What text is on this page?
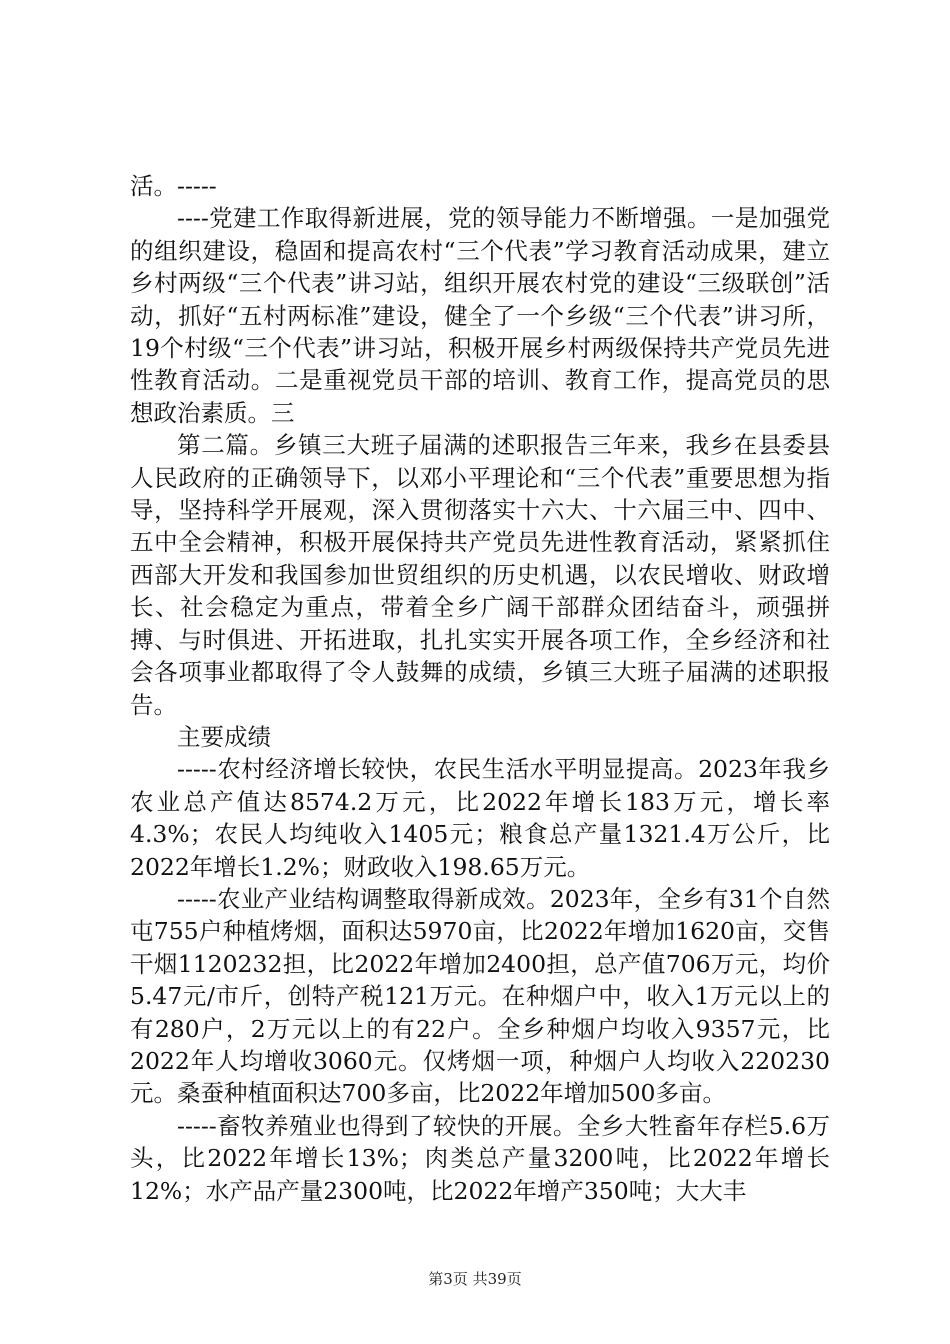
活。-----

----党建工作取得新进展，党的领导能力不断增强。一是加强党的组织建设，稳固和提高农村“三个代表”学习教育活动成果，建立乡村两级“三个代表”讲习站，组织开展农村党的建设“三级联创”活动，抓好“五村两标准”建设，健全了一个乡级“三个代表”讲习所，19个村级“三个代表”讲习站，积极开展乡村两级保持共产党员先进性教育活动。二是重视党员干部的培训、教育工作，提高党员的思想政治素质。三

第二篇。乡镇三大班子届满的述职报告三年来，我乡在县委县人民政府的正确领导下，以邓小平理论和“三个代表”重要思想为指导，坚持科学开展观，深入贯彻落实十六大、十六届三中、四中、五中全会精神，积极开展保持共产党员先进性教育活动，紧紧抓住西部大开发和我国参加世贸组织的历史机遇，以农民增收、财政增长、社会稳定为重点，带着全乡广阔干部群众团结奋斗，顽强拼搏、与时俱进、开拓进取，扎扎实实开展各项工作，全乡经济和社会各项事业都取得了令人鼓舞的成绩，乡镇三大班子届满的述职报告。

主要成绩

-----农村经济增长较快，农民生活水平明显提高。2023年我乡农业总产值达8574.2万元，比2022年增长183万元，增长率4.3%；农民人均纯收入1405元；粮食总产量1321.4万公斤，比2022年增长1.2%；财政收入198.65万元。

-----农业产业结构调整取得新成效。2023年，全乡有31个自然屯755户种植烤烟，面积达5970亩，比2022年增加1620亩，交售干烟1120232担，比2022年增加2400担，总产值706万元，均价5.47元/市斤，创特产税121万元。在种烟户中，收入1万元以上的有280户，2万元以上的有22户。全乡种烟户均收入9357元，比2022年人均增收3060元。仅烤烟一项，种烟户人均收入220230元。桑蚕种植面积达700多亩，比2022年增加500多亩。

-----畜牧养殖业也得到了较快的开展。全乡大牲畜年存栏5.6万头，比2022年增长13%；肉类总产量3200吨，比2022年增长12%；水产品产量2300吨，比2022年增产350吨；大大丰

第3页 共39页
